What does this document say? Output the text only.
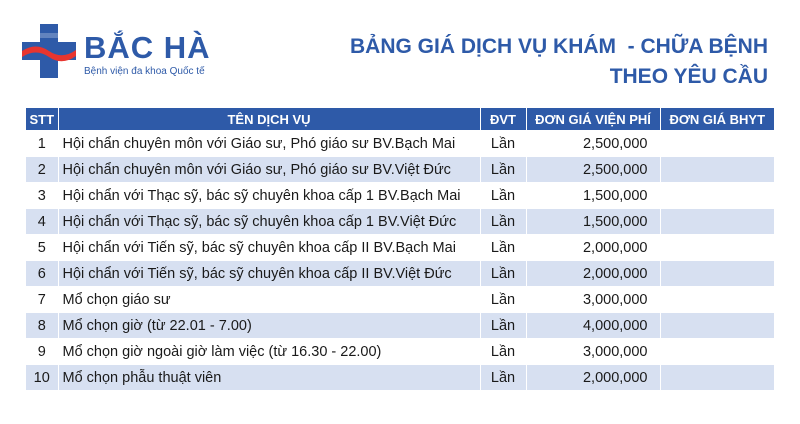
BẮC HÀ
Bệnh viện đa khoa Quốc tế
BẢNG GIÁ DỊCH VỤ KHÁM  - CHỮA BỆNH
THEO YÊU CẦU
STT	TÊN DỊCH VỤ	ĐVT	ĐƠN GIÁ VIỆN PHÍ	ĐƠN GIÁ BHYT
1	Hội chẩn chuyên môn với Giáo sư, Phó giáo sư BV.Bạch Mai	Lần	2,500,000	
2	Hội chẩn chuyên môn với Giáo sư, Phó giáo sư BV.Việt Đức	Lần	2,500,000	
3	Hội chẩn với Thạc sỹ, bác sỹ chuyên khoa cấp 1 BV.Bạch Mai	Lần	1,500,000	
4	Hội chẩn với Thạc sỹ, bác sỹ chuyên khoa cấp 1 BV.Việt Đức	Lần	1,500,000	
5	Hội chẩn với Tiến sỹ, bác sỹ chuyên khoa cấp II BV.Bạch Mai	Lần	2,000,000	
6	Hội chẩn với Tiến sỹ, bác sỹ chuyên khoa cấp II BV.Việt Đức	Lần	2,000,000	
7	Mổ chọn giáo sư	Lần	3,000,000	
8	Mổ chọn giờ (từ 22.01 - 7.00)	Lần	4,000,000	
9	Mổ chọn giờ ngoài giờ làm việc (từ 16.30 - 22.00)	Lần	3,000,000	
10	Mổ chọn phẫu thuật viên	Lần	2,000,000	
